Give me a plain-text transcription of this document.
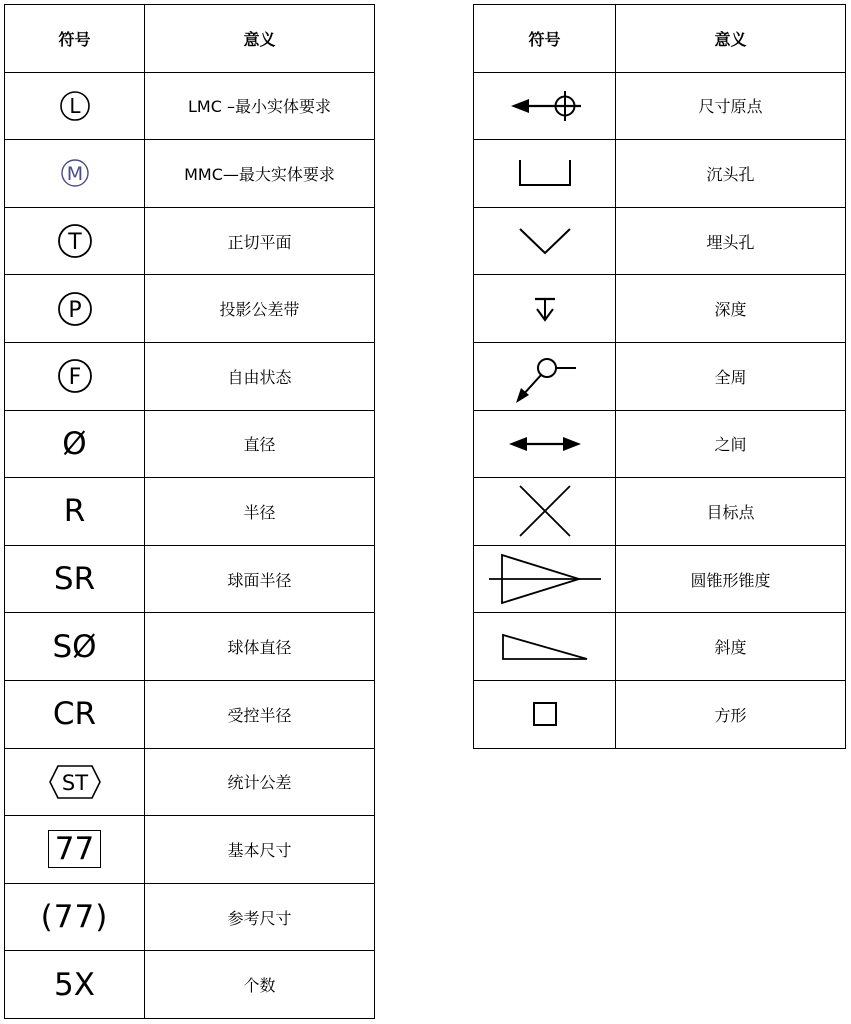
符号	意义

L	LMC –最小实体要求

M	MMC—最大实体要求

T	正切平面

P	投影公差带

F	自由状态
Ø	直径
R	半径
SR	球面半径
SØ	球体直径
CR	受控半径

ST	统计公差
77	基本尺寸
(77)	参考尺寸
5X	个数
符号	意义

	尺寸原点

	沉头孔

	埋头孔

	深度

	全周

	之间

	目标点

	圆锥形锥度

	斜度

	方形
